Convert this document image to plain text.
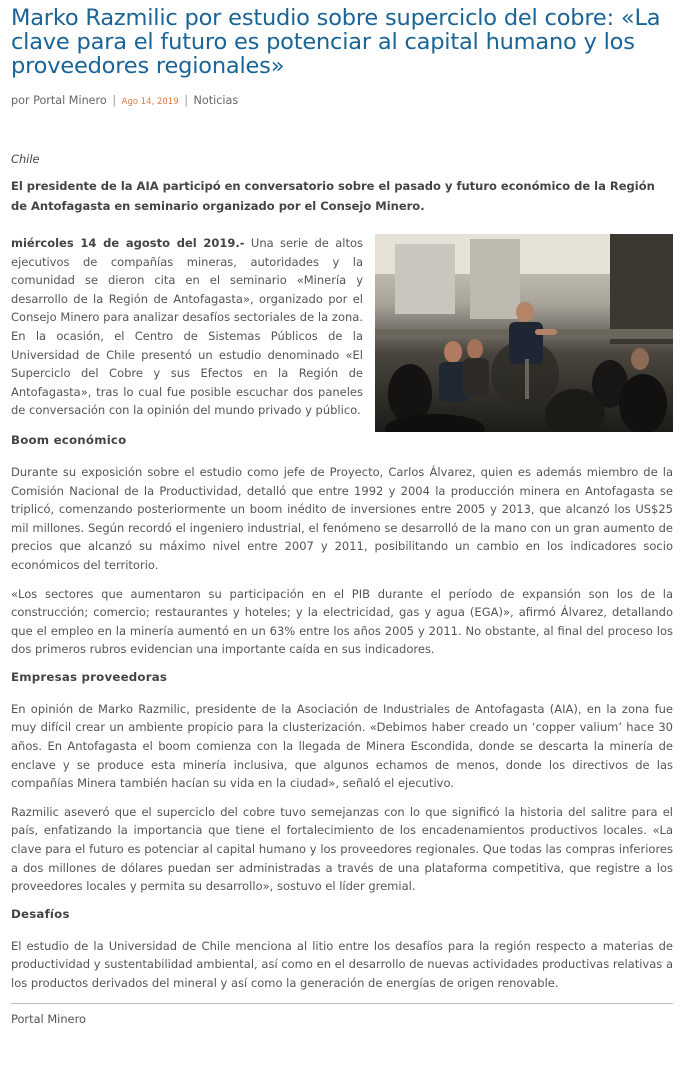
Marko Razmilic por estudio sobre superciclo del cobre: «La clave para el futuro es potenciar al capital humano y los proveedores regionales»
por Portal Minero | Ago 14, 2019 | Noticias
Chile
El presidente de la AIA participó en conversatorio sobre el pasado y futuro económico de la Región de Antofagasta en seminario organizado por el Consejo Minero.

miércoles 14 de agosto del 2019.- Una serie de altos ejecutivos de compañías mineras, autoridades y la comunidad se dieron cita en el seminario «Minería y desarrollo de la Región de Antofagasta», organizado por el Consejo Minero para analizar desafíos sectoriales de la zona. En la ocasión, el Centro de Sistemas Públicos de la Universidad de Chile presentó un estudio denominado «El Superciclo del Cobre y sus Efectos en la Región de Antofagasta», tras lo cual fue posible escuchar dos paneles de conversación con la opinión del mundo privado y público.

Boom económico

Durante su exposición sobre el estudio como jefe de Proyecto, Carlos Álvarez, quien es además miembro de la Comisión Nacional de la Productividad, detalló que entre 1992 y 2004 la producción minera en Antofagasta se triplicó, comenzando posteriormente un boom inédito de inversiones entre 2005 y 2013, que alcanzó los US$25 mil millones. Según recordó el ingeniero industrial, el fenómeno se desarrolló de la mano con un gran aumento de precios que alcanzó su máximo nivel entre 2007 y 2011, posibilitando un cambio en los indicadores socio económicos del territorio.

«Los sectores que aumentaron su participación en el PIB durante el período de expansión son los de la construcción; comercio; restaurantes y hoteles; y la electricidad, gas y agua (EGA)», afirmó Álvarez, detallando que el empleo en la minería aumentó en un 63% entre los años 2005 y 2011. No obstante, al final del proceso los dos primeros rubros evidencian una importante caída en sus indicadores.

Empresas proveedoras

En opinión de Marko Razmilic, presidente de la Asociación de Industriales de Antofagasta (AIA), en la zona fue muy difícil crear un ambiente propicio para la clusterización. «Debimos haber creado un ‘copper valium’ hace 30 años. En Antofagasta el boom comienza con la llegada de Minera Escondida, donde se descarta la minería de enclave y se produce esta minería inclusiva, que algunos echamos de menos, donde los directivos de las compañías Minera también hacían su vida en la ciudad», señaló el ejecutivo.

Razmilic aseveró que el superciclo del cobre tuvo semejanzas con lo que significó la historia del salitre para el país, enfatizando la importancia que tiene el fortalecimiento de los encadenamientos productivos locales. «La clave para el futuro es potenciar al capital humano y los proveedores regionales. Que todas las compras inferiores a dos millones de dólares puedan ser administradas a través de una plataforma competitiva, que registre a los proveedores locales y permita su desarrollo», sostuvo el líder gremial.

Desafíos

El estudio de la Universidad de Chile menciona al litio entre los desafíos para la región respecto a materias de productividad y sustentabilidad ambiental, así como en el desarrollo de nuevas actividades productivas relativas a los productos derivados del mineral y así como la generación de energías de origen renovable.

Portal Minero
